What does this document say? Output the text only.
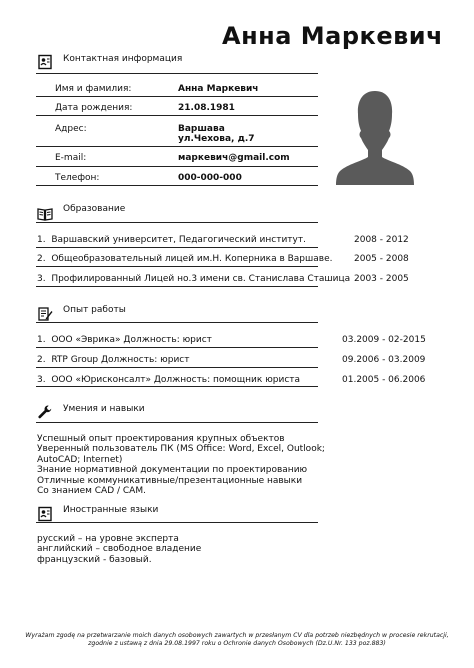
Анна Маркевич
Контактная информация
Имя и фамилия:	Анна Маркевич
Дата рождения:	21.08.1981
Адрес:	Варшава
ул.Чехова, д.7
E-mail:	маркевич@gmail.com
Телефон:	000-000-000
Образование
1. Варшавский университет, Педагогический институт.	2008 - 2012
2. Общеобразовательный лицей им.Н. Коперника в Варшаве. 2005 - 2008
3. Профилированный Лицей но.3 имени св. Станислава Сташица 2003 - 2005
Опыт работы
1. ООО «Эврика» Должность: юрист	03.2009 - 02-2015
2. RTP Group Должность: юрист	09.2006 - 03.2009
3. ООО «Юрисконсалт» Должность: помощник юриста	01.2005 - 06.2006
Умения и навыки
Успешный опыт проектирования крупных объектов
Уверенный пользователь ПК (MS Office: Word, Excel, Outlook;
AutoCAD; Internet)
Знание нормативной документации по проектированию
Отличные коммуникативные/презентационные навыки
Со знанием CAD / CAM.
Иностранные языки
русский – на уровне эксперта
английский – свободное владение
французский - базовый.
Wyrażam zgodę na przetwarzanie moich danych osobowych zawartych w przesłanym CV dla potrzeb niezbędnych w procesie rekrutacji,
zgodnie z ustawą z dnia 29.08.1997 roku o Ochronie danych Osobowych (Dz.U.Nr. 133 poz.883)
